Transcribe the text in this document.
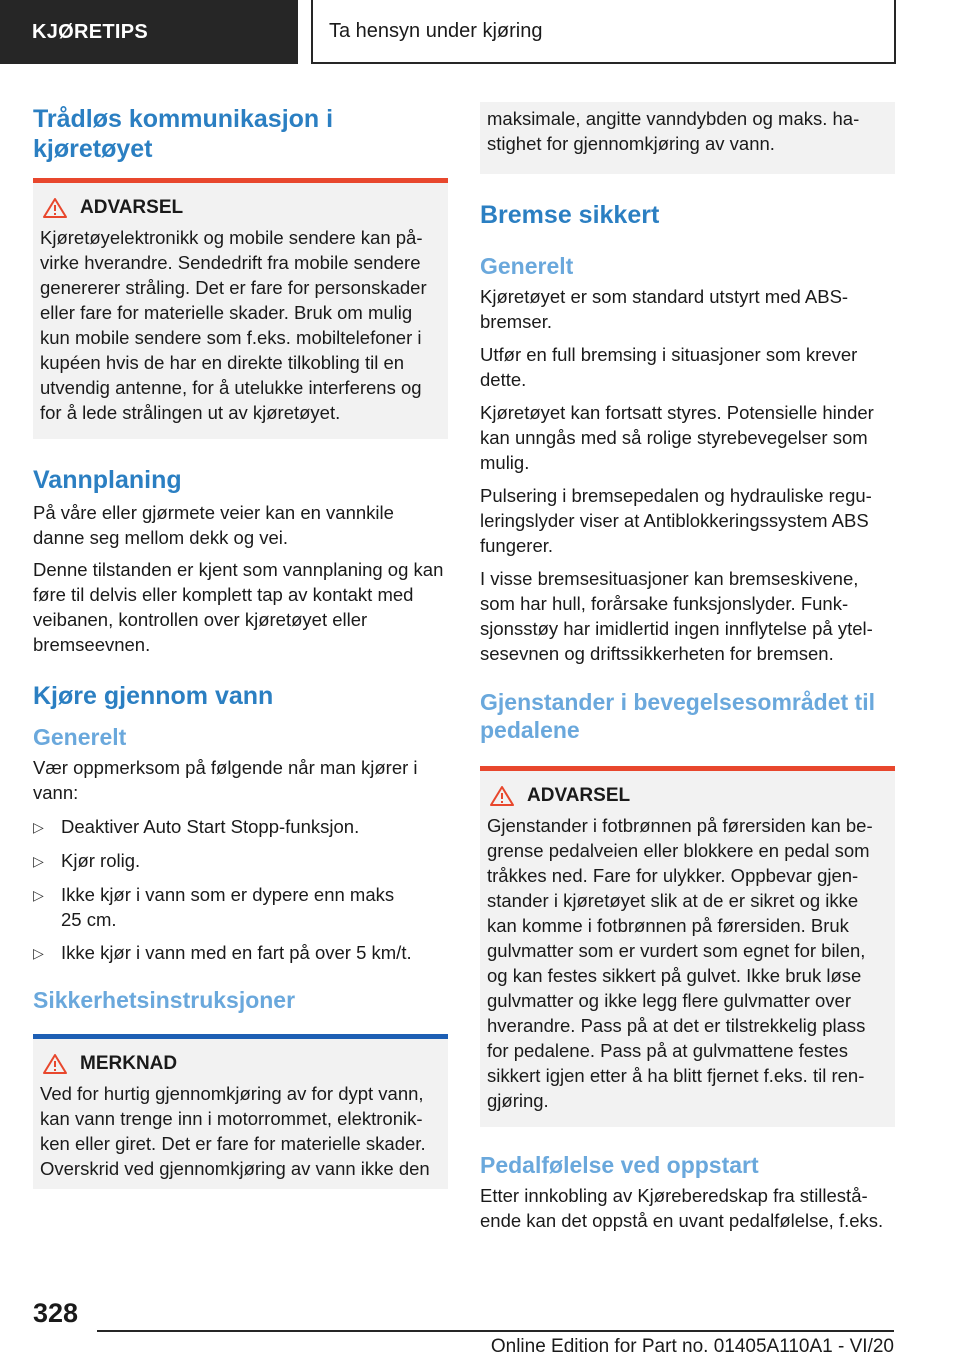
KJØRETIPS	Ta hensyn under kjøring
Trådløs kommunikasjon i kjøretøyet
ADVARSEL

Kjøretøyelektronikk og mobile sendere kan på-virke hverandre. Sendedrift fra mobile sendere genererer stråling. Det er fare for personskader eller fare for materielle skader. Bruk om mulig kun mobile sendere som f.eks. mobiltelefoner i kupéen hvis de har en direkte tilkobling til en utvendig antenne, for å utelukke interferens og for å lede strålingen ut av kjøretøyet.

Vannplaning

På våre eller gjørmete veier kan en vannkile danne seg mellom dekk og vei.

Denne tilstanden er kjent som vannplaning og kan føre til delvis eller komplett tap av kontakt med veibanen, kontrollen over kjøretøyet eller bremseevnen.

Kjøre gjennom vann
Generelt

Vær oppmerksom på følgende når man kjører i vann:

▷ Deaktiver Auto Start Stopp-funksjon.
▷ Kjør rolig.
▷ Ikke kjør i vann som er dypere enn maks 25 cm.
▷ Ikke kjør i vann med en fart på over 5 km/t.
Sikkerhetsinstruksjoner
MERKNAD

Ved for hurtig gjennomkjøring av for dypt vann, kan vann trenge inn i motorrommet, elektronik-ken eller giret. Det er fare for materielle skader. Overskrid ved gjennomkjøring av vann ikke den

maksimale, angitte vanndybden og maks. ha-stighet for gjennomkjøring av vann.

Bremse sikkert
Generelt

Kjøretøyet er som standard utstyrt med ABS-bremser.

Utfør en full bremsing i situasjoner som krever dette.

Kjøretøyet kan fortsatt styres. Potensielle hinder kan unngås med så rolige styrebevegelser som mulig.

Pulsering i bremsepedalen og hydrauliske regu-leringslyder viser at Antiblokkeringssystem ABS fungerer.

I visse bremsesituasjoner kan bremseskivene, som har hull, forårsake funksjonslyder. Funk-sjonsstøy har imidlertid ingen innflytelse på ytel-sesevnen og driftssikkerheten for bremsen.

Gjenstander i bevegelsesområdet til pedalene
ADVARSEL

Gjenstander i fotbrønnen på førersiden kan be-grense pedalveien eller blokkere en pedal som tråkkes ned. Fare for ulykker. Oppbevar gjen-stander i kjøretøyet slik at de er sikret og ikke kan komme i fotbrønnen på førersiden. Bruk gulvmatter som er vurdert som egnet for bilen, og kan festes sikkert på gulvet. Ikke bruk løse gulvmatter og ikke legg flere gulvmatter over hverandre. Pass på at det er tilstrekkelig plass for pedalene. Pass på at gulvmattene festes sikkert igjen etter å ha blitt fjernet f.eks. til ren-gjøring.

Pedalfølelse ved oppstart

Etter innkobling av Kjøreberedskap fra stillestå-ende kan det oppstå en uvant pedalfølelse, f.eks.

328
Online Edition for Part no. 01405A110A1 - VI/20
